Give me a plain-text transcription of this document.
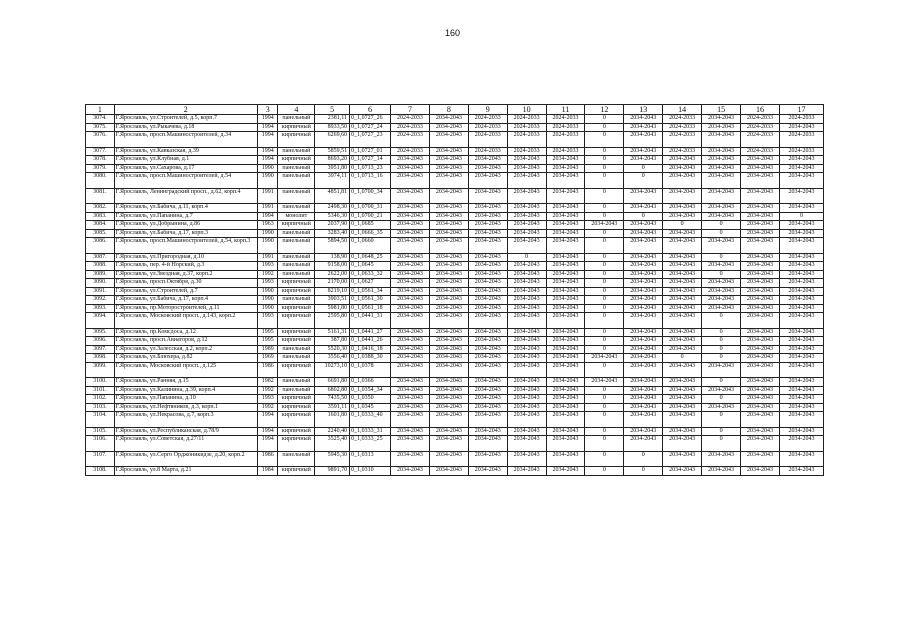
160
1	2	3	4	5	6	7	8	9	10	11	12	13	14	15	16	17
3074.	Г.Ярославль, ул.Строителей, д.5, корп.7	1994	панельный	2381,11	0_1,0727_26	2024-2033	2034-2043	2024-2033	2024-2033	2024-2033	0	2034-2043	2024-2033	2034-2043	2024-2033	2024-2033
3075.	Г.Ярославль, ул.Рыкачева, д.18	1994	кирпичный	8933,50	0_1,0727_24	2024-2033	2034-2043	2024-2033	2024-2033	2024-2033	0	2034-2043	2024-2033	2034-2043	2024-2033	2034-2043
3076.	Г.Ярославль, просп.Машиностроителей, д.34	1994	кирпичный	6269,60	0_1,0727_23	2024-2033	2034-2043	2024-2033	2024-2033	2024-2033	0	2034-2043	2024-2033	2034-2043	2024-2033	2024-2033
3077.	Г.Ярославль, ул.Кавказская, д.39	1994	панельный	5859,51	0_1,0727_01	2024-2033	2034-2043	2024-2033	2024-2033	2024-2033	0	2034-2043	2024-2033	2034-2043	2024-2033	2024-2033
3078.	Г.Ярославль, ул.Клубная, д.1	1994	кирпичный	8693,20	0_1,0727_14	2034-2043	2034-2043	2034-2043	2034-2043	2034-2043	0	2034-2043	2034-2043	2034-2043	2034-2043	2034-2043
3079.	Г.Ярославль, ул.Сахарова, д.17	1990	панельный	3951,80	0_1,0713_23	2034-2043	2034-2043	2034-2043	2034-2043	2034-2043	0	0	2034-2043	2034-2043	2034-2043	2034-2043
3080.	Г.Ярославль, просп.Машиностроителей, д.54	1990	панельный	3974,11	0_1,0713_16	2034-2043	2034-2043	2034-2043	2034-2043	2034-2043	0	0	2034-2043	2034-2043	2034-2043	2034-2043
3081.	Г.Ярославль, Ленинградский просп., д.62, корп.4	1991	панельный	4851,81	0_1,0700_34	2034-2043	2034-2043	2034-2043	2034-2043	2034-2043	0	2034-2043	2034-2043	2034-2043	2034-2043	2034-2043
3082.	Г.Ярославль, ул.Бабича, д.11, корп.4	1991	панельный	2498,30	0_1,0700_31	2034-2043	2034-2043	2034-2043	2034-2043	2034-2043	0	2034-2043	2034-2043	2034-2043	2034-2043	2034-2043
3083.	Г.Ярославль, ул.Папанина, д.7	1994	монолит	5346,30	0_1,0700_21	2034-2043	2034-2043	2034-2043	2034-2043	2034-2043	0	0	2034-2043	2034-2043	2034-2043	0
3084.	Г.Ярославль, ул.Добрынина, д.86	1963	кирпичный	2037,90	0_1,0685	2034-2043	2034-2043	2034-2043	2034-2043	2034-2043	2034-2043	2034-2043	0	0	2034-2043	2034-2043
3085.	Г.Ярославль, ул.Бабича, д.17, корп.3	1990	панельный	3283,40	0_1,0666_35	2034-2043	2034-2043	2034-2043	2034-2043	2034-2043	0	2034-2043	2034-2043	0	2034-2043	2034-2043
3086.	Г.Ярославль, просп.Машиностроителей, д.54, корп.3	1990	панельный	5894,50	0_1,0660	2034-2043	2034-2043	2034-2043	2034-2043	2034-2043	0	2034-2043	2034-2043	2034-2043	2034-2043	2034-2043
3087.	Г.Ярославль, ул.Пригородная, д.10	1991	панельный	138,90	0_1,0648_25	2034-2043	2034-2043	2034-2043	0	2034-2043	0	2034-2043	2034-2043	0	2034-2043	2034-2043
3088.	Г.Ярославль, пер. 4-й Норский, д.3	1993	панельный	9158,00	0_1,0645	2034-2043	2034-2043	2034-2043	2034-2043	2034-2043	0	2034-2043	2034-2043	2034-2043	2034-2043	2034-2043
3089.	Г.Ярославль, ул.Звездная, д.37, корп.2	1992	панельный	2622,00	0_1,0633_32	2034-2043	2034-2043	2034-2043	2034-2043	2034-2043	0	2034-2043	2034-2043	0	2034-2043	2034-2043
3090.	Г.Ярославль, просп.Октября, д.30	1993	кирпичный	2170,00	0_1,0627	2034-2043	2034-2043	2034-2043	2034-2043	2034-2043	0	2034-2043	2034-2043	2034-2043	2034-2043	2034-2043
3091.	Г.Ярославль, ул.Строителей, д.7	1990	кирпичный	8219,10	0_1,0561_34	2034-2043	2034-2043	2034-2043	2034-2043	2034-2043	0	2034-2043	2034-2043	2034-2043	2034-2043	2034-2043
3092.	Г.Ярославль, ул.Бабича, д.17, корп.4	1990	панельный	3903,51	0_1,0561_30	2034-2043	2034-2043	2034-2043	2034-2043	2034-2043	0	2034-2043	2034-2043	2034-2043	2034-2043	2034-2043
3093.	Г.Ярославль, пр.Моторостроителей, д.11	1990	кирпичный	5981,80	0_1,0561_18	2034-2043	2034-2043	2034-2043	2034-2043	2034-2043	0	2034-2043	2034-2043	2034-2043	2034-2043	2034-2043
3094.	Г.Ярославль, Московский просп., д.143, корп.2	1993	кирпичный	2595,80	0_1,0441_31	2034-2043	2034-2043	2034-2043	2034-2043	2034-2043	0	2034-2043	2034-2043	0	2034-2043	2034-2043
3095.	Г.Ярославль, пр.Комсдоса, д.12	1995	кирпичный	5161,31	0_1,0441_27	2034-2043	2034-2043	2034-2043	2034-2043	2034-2043	0	2034-2043	2034-2043	0	2034-2043	2034-2043
3096.	Г.Ярославль, просп.Авиаторов, д.12	1995	кирпичный	387,80	0_1,0441_26	2034-2043	2034-2043	2034-2043	2034-2043	2034-2043	0	2034-2043	2034-2043	0	2034-2043	2034-2043
3097.	Г.Ярославль, ул.Залесская, д.2, корп.2	1989	панельный	5520,30	0_1,0416_18	2034-2043	2034-2043	2034-2043	2034-2043	2034-2043	0	2034-2043	2034-2043	0	2034-2043	2034-2043
3098.	Г.Ярославль, ул.Блюхера, д.82	1969	панельный	3556,40	0_1,0388_30	2034-2043	2034-2043	2034-2043	2034-2043	2034-2043	2034-2043	2034-2043	0	0	2034-2043	2034-2043
3099.	Г.Ярославль, Московский просп., д.125	1986	кирпичный	10273,10	0_1,0378	2034-2043	2034-2043	2034-2043	2034-2043	2034-2043	0	2034-2043	2034-2043	2034-2043	2034-2043	2034-2043
3100.	Г.Ярославль, ул.Ранняя, д.15	1982	панельный	6691,80	0_1,0366	2034-2043	2034-2043	2034-2043	2034-2043	2034-2043	2034-2043	2034-2043	2034-2043	0	2034-2043	2034-2043
3101.	Г.Ярославль, ул.Калинина, д.39, корп.4	1992	панельный	6802,80	0_1,0354_34	2034-2043	2034-2043	2034-2043	2034-2043	2034-2043	0	2034-2043	2034-2043	2034-2043	2034-2043	2034-2043
3102.	Г.Ярославль, ул.Папанина, д.10	1993	кирпичный	7435,50	0_1,0350	2034-2043	2034-2043	2034-2043	2034-2043	2034-2043	0	2034-2043	2034-2043	0	2034-2043	2034-2043
3103.	Г.Ярославль, ул.Нефтяников, д.3, корп.1	1992	кирпичный	3591,11	0_1,0345	2034-2043	2034-2043	2034-2043	2034-2043	2034-2043	0	2034-2043	2034-2043	2034-2043	2034-2043	2034-2043
3104.	Г.Ярославль, ул.Некрасова, д.7, корп.3	1994	кирпичный	1601,80	0_1,0333_40	2034-2043	2034-2043	2034-2043	2034-2043	2034-2043	0	2034-2043	2034-2043	0	2034-2043	2034-2043
3105.	Г.Ярославль, ул.Республиканская, д.78/9	1994	кирпичный	2240,40	0_1,0333_31	2034-2043	2034-2043	2034-2043	2034-2043	2034-2043	0	2034-2043	2034-2043	0	2034-2043	2034-2043
3106.	Г.Ярославль, ул.Советская, д.27/11	1994	кирпичный	3525,40	0_1,0333_25	2034-2043	2034-2043	2034-2043	2034-2043	2034-2043	0	2034-2043	2034-2043	0	2034-2043	2034-2043
3107.	Г.Ярославль, ул.Серго Орджоникидзе, д.20, корп.2	1986	панельный	5945,30	0_1,0313	2034-2043	2034-2043	2034-2043	2034-2043	2034-2043	0	0	2034-2043	2034-2043	2034-2043	2034-2043
3108.	Г.Ярославль, ул.8 Марта, д.21	1984	кирпичный	9891,70	0_1,0310	2034-2043	2034-2043	2034-2043	2034-2043	2034-2043	0	0	2034-2043	2034-2043	2034-2043	2034-2043
